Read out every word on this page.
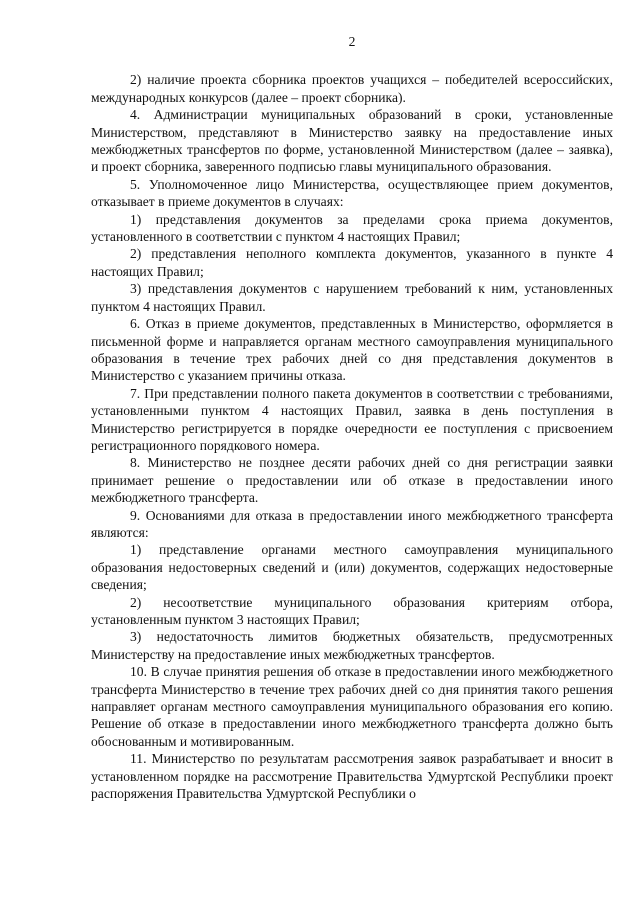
2

2) наличие проекта сборника проектов учащихся – победителей всероссийских, международных конкурсов (далее – проект сборника).

4. Администрации муниципальных образований в сроки, установленные Министерством, представляют в Министерство заявку на предоставление иных межбюджетных трансфертов по форме, установленной Министерством (далее – заявка), и проект сборника, заверенного подписью главы муниципального образования.

5. Уполномоченное лицо Министерства, осуществляющее прием документов, отказывает в приеме документов в случаях:

1) представления документов за пределами срока приема документов, установленного в соответствии с пунктом 4 настоящих Правил;

2) представления неполного комплекта документов, указанного в пункте 4 настоящих Правил;

3) представления документов с нарушением требований к ним, установленных пунктом 4 настоящих Правил.

6. Отказ в приеме документов, представленных в Министерство, оформляется в письменной форме и направляется органам местного самоуправления муниципального образования в течение трех рабочих дней со дня представления документов в Министерство с указанием причины отказа.

7. При представлении полного пакета документов в соответствии с требованиями, установленными пунктом 4 настоящих Правил, заявка в день поступления в Министерство регистрируется в порядке очередности ее поступления с присвоением регистрационного порядкового номера.

8. Министерство не позднее десяти рабочих дней со дня регистрации заявки принимает решение о предоставлении или об отказе в предоставлении иного межбюджетного трансферта.

9. Основаниями для отказа в предоставлении иного межбюджетного трансферта являются:

1) представление органами местного самоуправления муниципального образования недостоверных сведений и (или) документов, содержащих недостоверные сведения;

2) несоответствие муниципального образования критериям отбора, установленным пунктом 3 настоящих Правил;

3) недостаточность лимитов бюджетных обязательств, предусмотренных Министерству на предоставление иных межбюджетных трансфертов.

10. В случае принятия решения об отказе в предоставлении иного межбюджетного трансферта Министерство в течение трех рабочих дней со дня принятия такого решения направляет органам местного самоуправления муниципального образования его копию. Решение об отказе в предоставлении иного межбюджетного трансферта должно быть обоснованным и мотивированным.

11. Министерство по результатам рассмотрения заявок разрабатывает и вносит в установленном порядке на рассмотрение Правительства Удмуртской Республики проект распоряжения Правительства Удмуртской Республики о
